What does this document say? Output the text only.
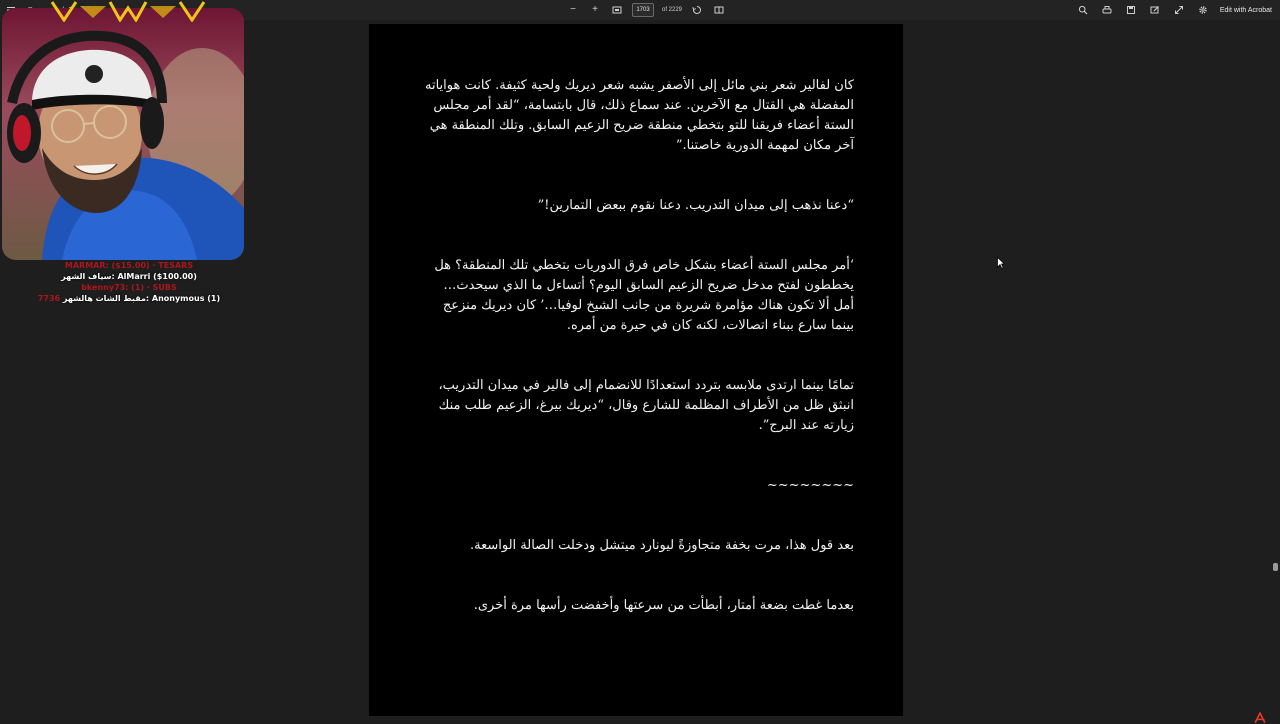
−	+	1703	of 2229	Edit with Acrobat

كان لفالير شعر بني مائل إلى الأصفر يشبه شعر ديريك ولحية كثيفة. كانت هواياته المفضلة هي القتال مع الآخرين. عند سماع ذلك، قال بابتسامة، “لقد أمر مجلس الستة أعضاء فريقنا للتو بتخطي منطقة ضريح الزعيم السابق. وتلك المنطقة هي آخر مكان لمهمة الدورية خاصتنا.”

“دعنا نذهب إلى ميدان التدريب. دعنا نقوم ببعض التمارين!”

‘أمر مجلس الستة أعضاء بشكل خاص فرق الدوريات بتخطي تلك المنطقة؟ هل يخططون لفتح مدخل ضريح الزعيم السابق اليوم؟ أتساءل ما الذي سيحدث… أمل ألا تكون هناك مؤامرة شريرة من جانب الشيخ لوفيا…’ كان ديريك منزعج بينما سارع ببناء اتصالات، لكنه كان في حيرة من أمره.

تمامًا بينما ارتدى ملابسه بتردد استعدادًا للانضمام إلى فالير في ميدان التدريب، انبثق ظل من الأطراف المظلمة للشارع وقال، “ديريك بيرغ، الزعيم طلب منك زيارته عند البرج”.

~~~~~~~~

بعد قول هذا، مرت بخفة متجاوزةً ليونارد ميتشل ودخلت الصالة الواسعة.

بعدما غطت بضعة أمتار، أبطأت من سرعتها وأخفضت رأسها مرة أخرى.

MARMAR: ($15.00) · TESARS
سياف الشهر: AlMarri ($100.00)
bkenny73: (1) · SUBS
7736 مقبط الشات هالشهر: Anonymous (1)
